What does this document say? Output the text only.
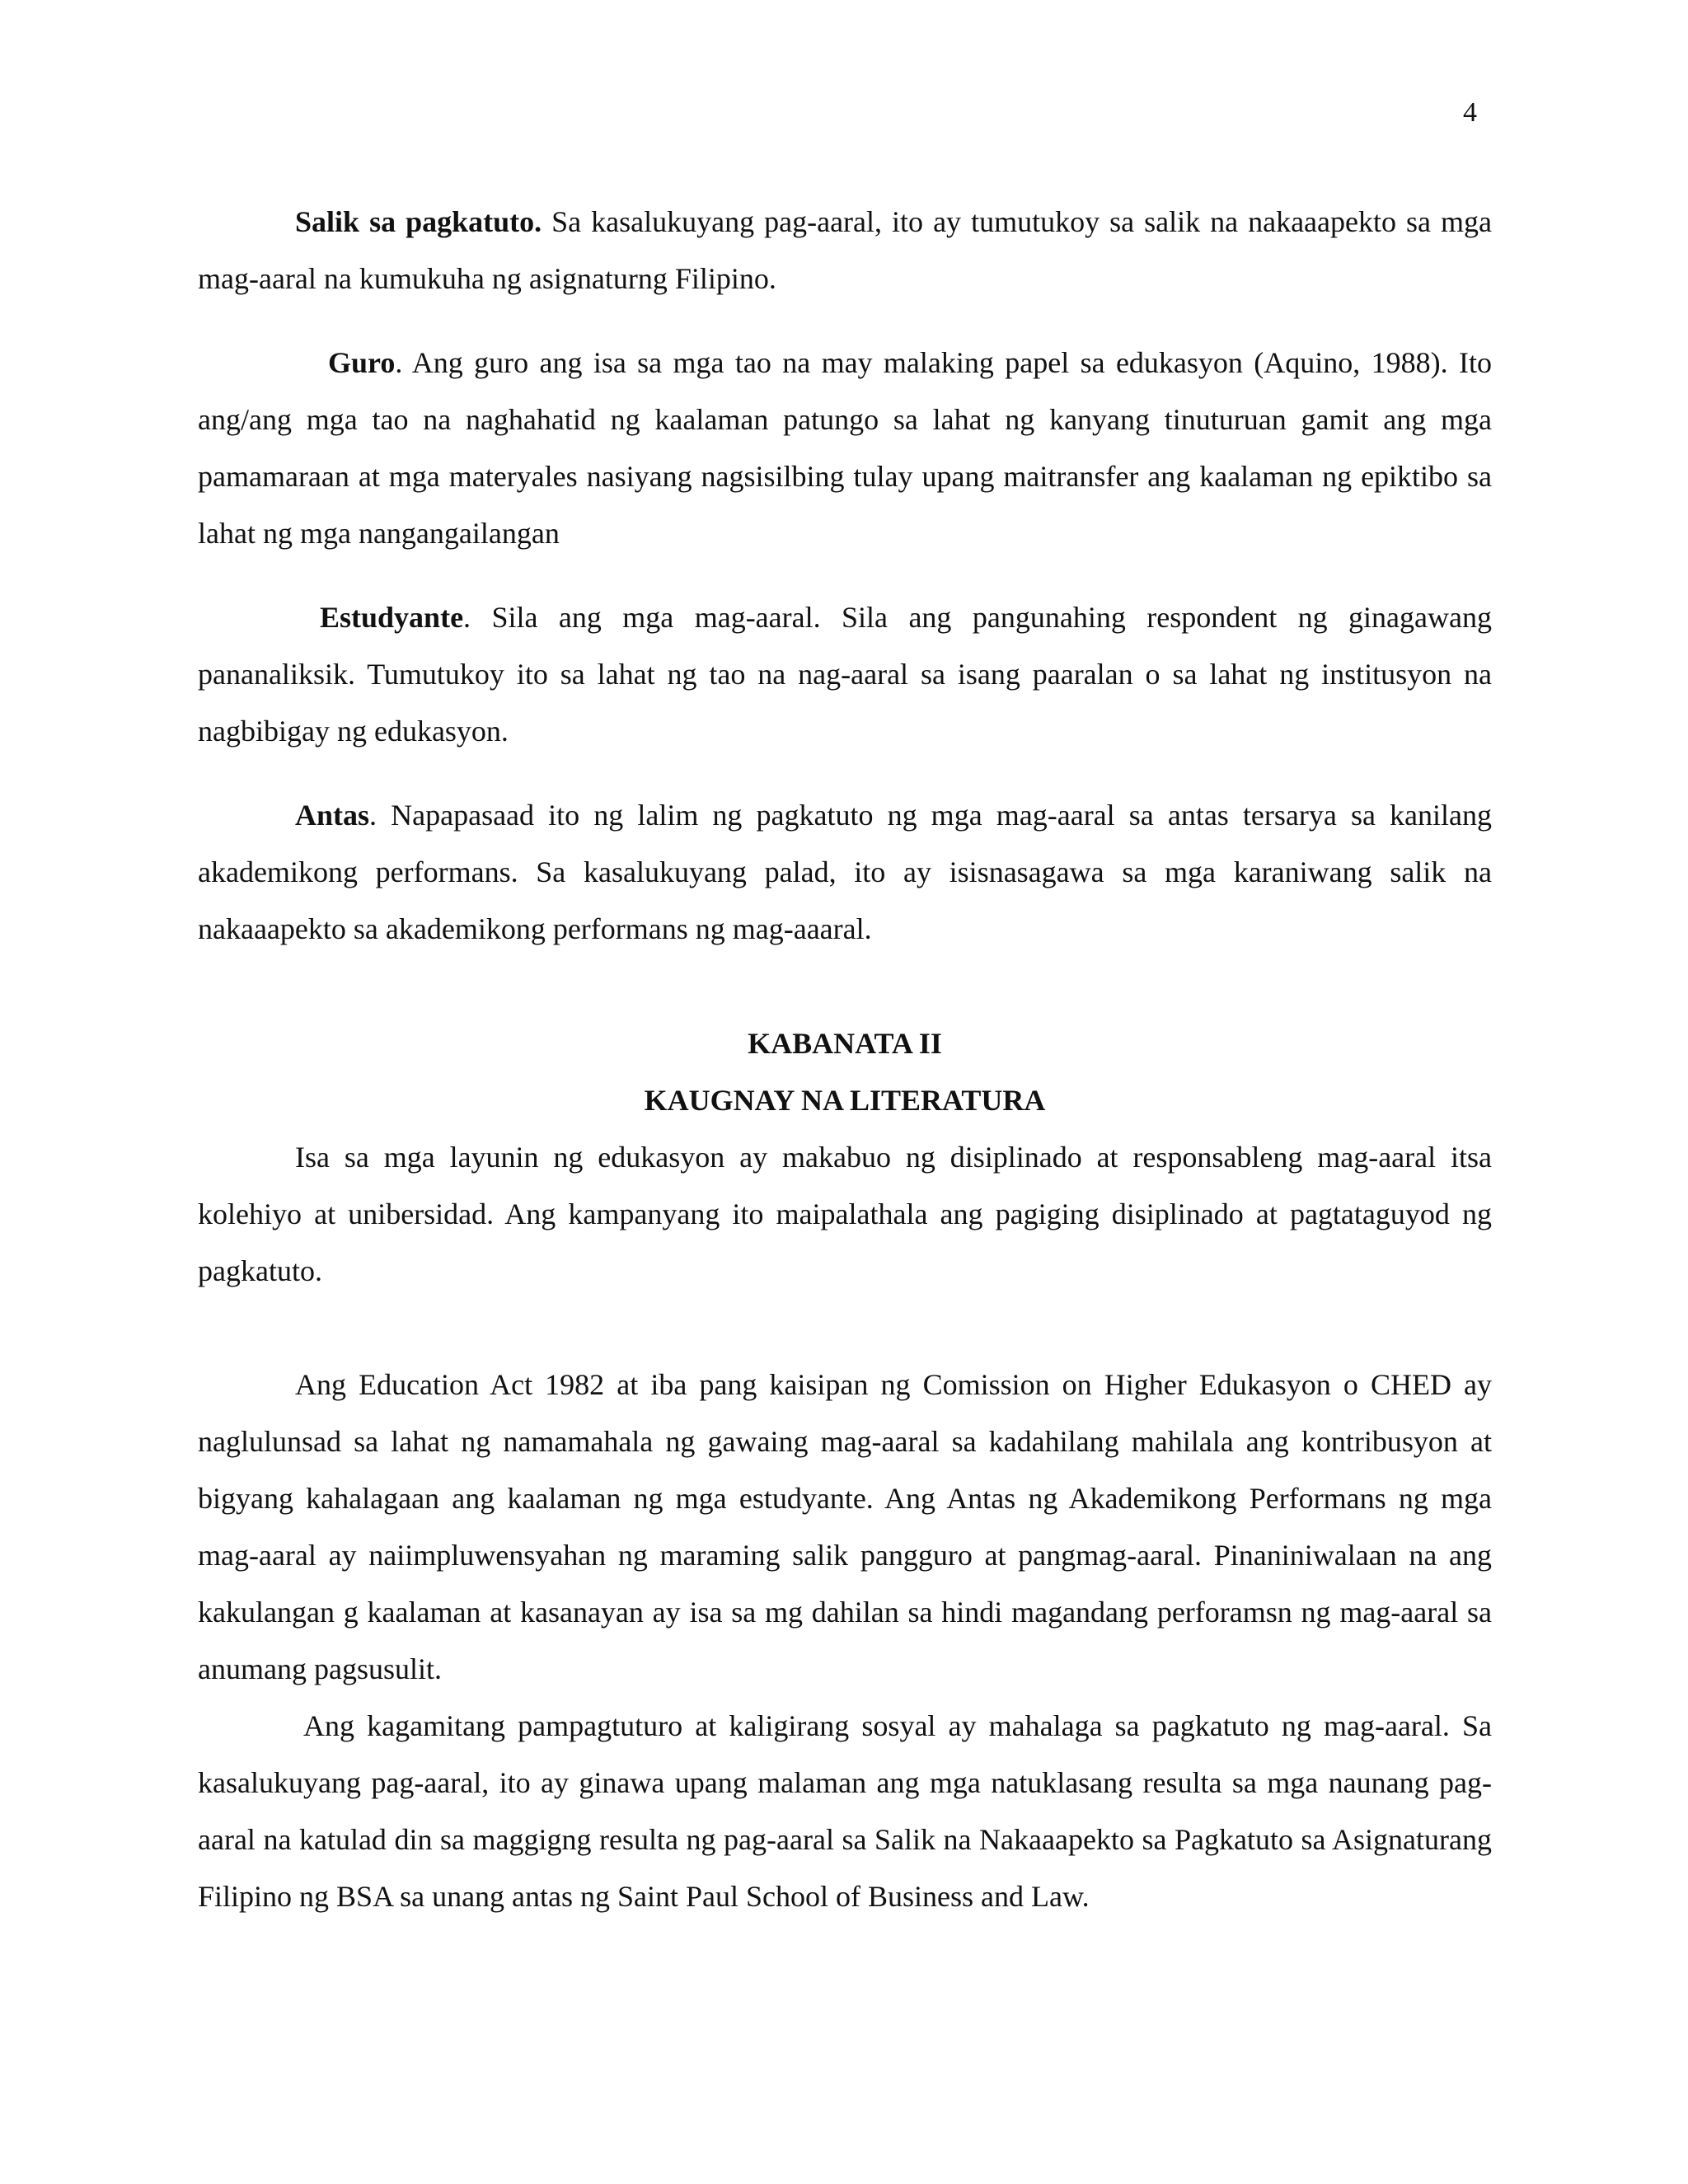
4

Salik sa pagkatuto. Sa kasalukuyang pag-aaral, ito ay tumutukoy sa salik na nakaaapekto sa mga mag-aaral na kumukuha ng asignaturng Filipino.

Guro. Ang guro ang isa sa mga tao na may malaking papel sa edukasyon (Aquino, 1988). Ito ang/ang mga tao na naghahatid ng kaalaman patungo sa lahat ng kanyang tinuturuan gamit ang mga pamamaraan at mga materyales nasiyang nagsisilbing tulay upang maitransfer ang kaalaman ng epiktibo sa lahat ng mga nangangailangan

Estudyante. Sila ang mga mag-aaral. Sila ang pangunahing respondent ng ginagawang pananaliksik. Tumutukoy ito sa lahat ng tao na nag-aaral sa isang paaralan o sa lahat ng institusyon na nagbibigay ng edukasyon.

Antas. Napapasaad ito ng lalim ng pagkatuto ng mga mag-aaral sa antas tersarya sa kanilang akademikong performans. Sa kasalukuyang palad, ito ay isisnasagawa sa mga karaniwang salik na nakaaapekto sa akademikong performans ng mag-aaaral.

KABANATA II
KAUGNAY NA LITERATURA

Isa sa mga layunin ng edukasyon ay makabuo ng disiplinado at responsableng mag-aaral itsa kolehiyo at unibersidad. Ang kampanyang ito maipalathala ang pagiging disiplinado at pagtataguyod ng pagkatuto.

Ang Education Act 1982 at iba pang kaisipan ng Comission on Higher Edukasyon o CHED ay naglulunsad sa lahat ng namamahala ng gawaing mag-aaral sa kadahilang mahilala ang kontribusyon at bigyang kahalagaan ang kaalaman ng mga estudyante. Ang Antas ng Akademikong Performans ng mga mag-aaral ay naiimpluwensyahan ng maraming salik pangguro at pangmag-aaral. Pinaniniwalaan na ang kakulangan g kaalaman at kasanayan ay isa sa mg dahilan sa hindi magandang perforamsn ng mag-aaral sa anumang pagsusulit.

Ang kagamitang pampagtuturo at kaligirang sosyal ay mahalaga sa pagkatuto ng mag-aaral. Sa kasalukuyang pag-aaral, ito ay ginawa upang malaman ang mga natuklasang resulta sa mga naunang pag-aaral na katulad din sa maggigng resulta ng pag-aaral sa Salik na Nakaaapekto sa Pagkatuto sa Asignaturang Filipino ng BSA sa unang antas ng Saint Paul School of Business and Law.
